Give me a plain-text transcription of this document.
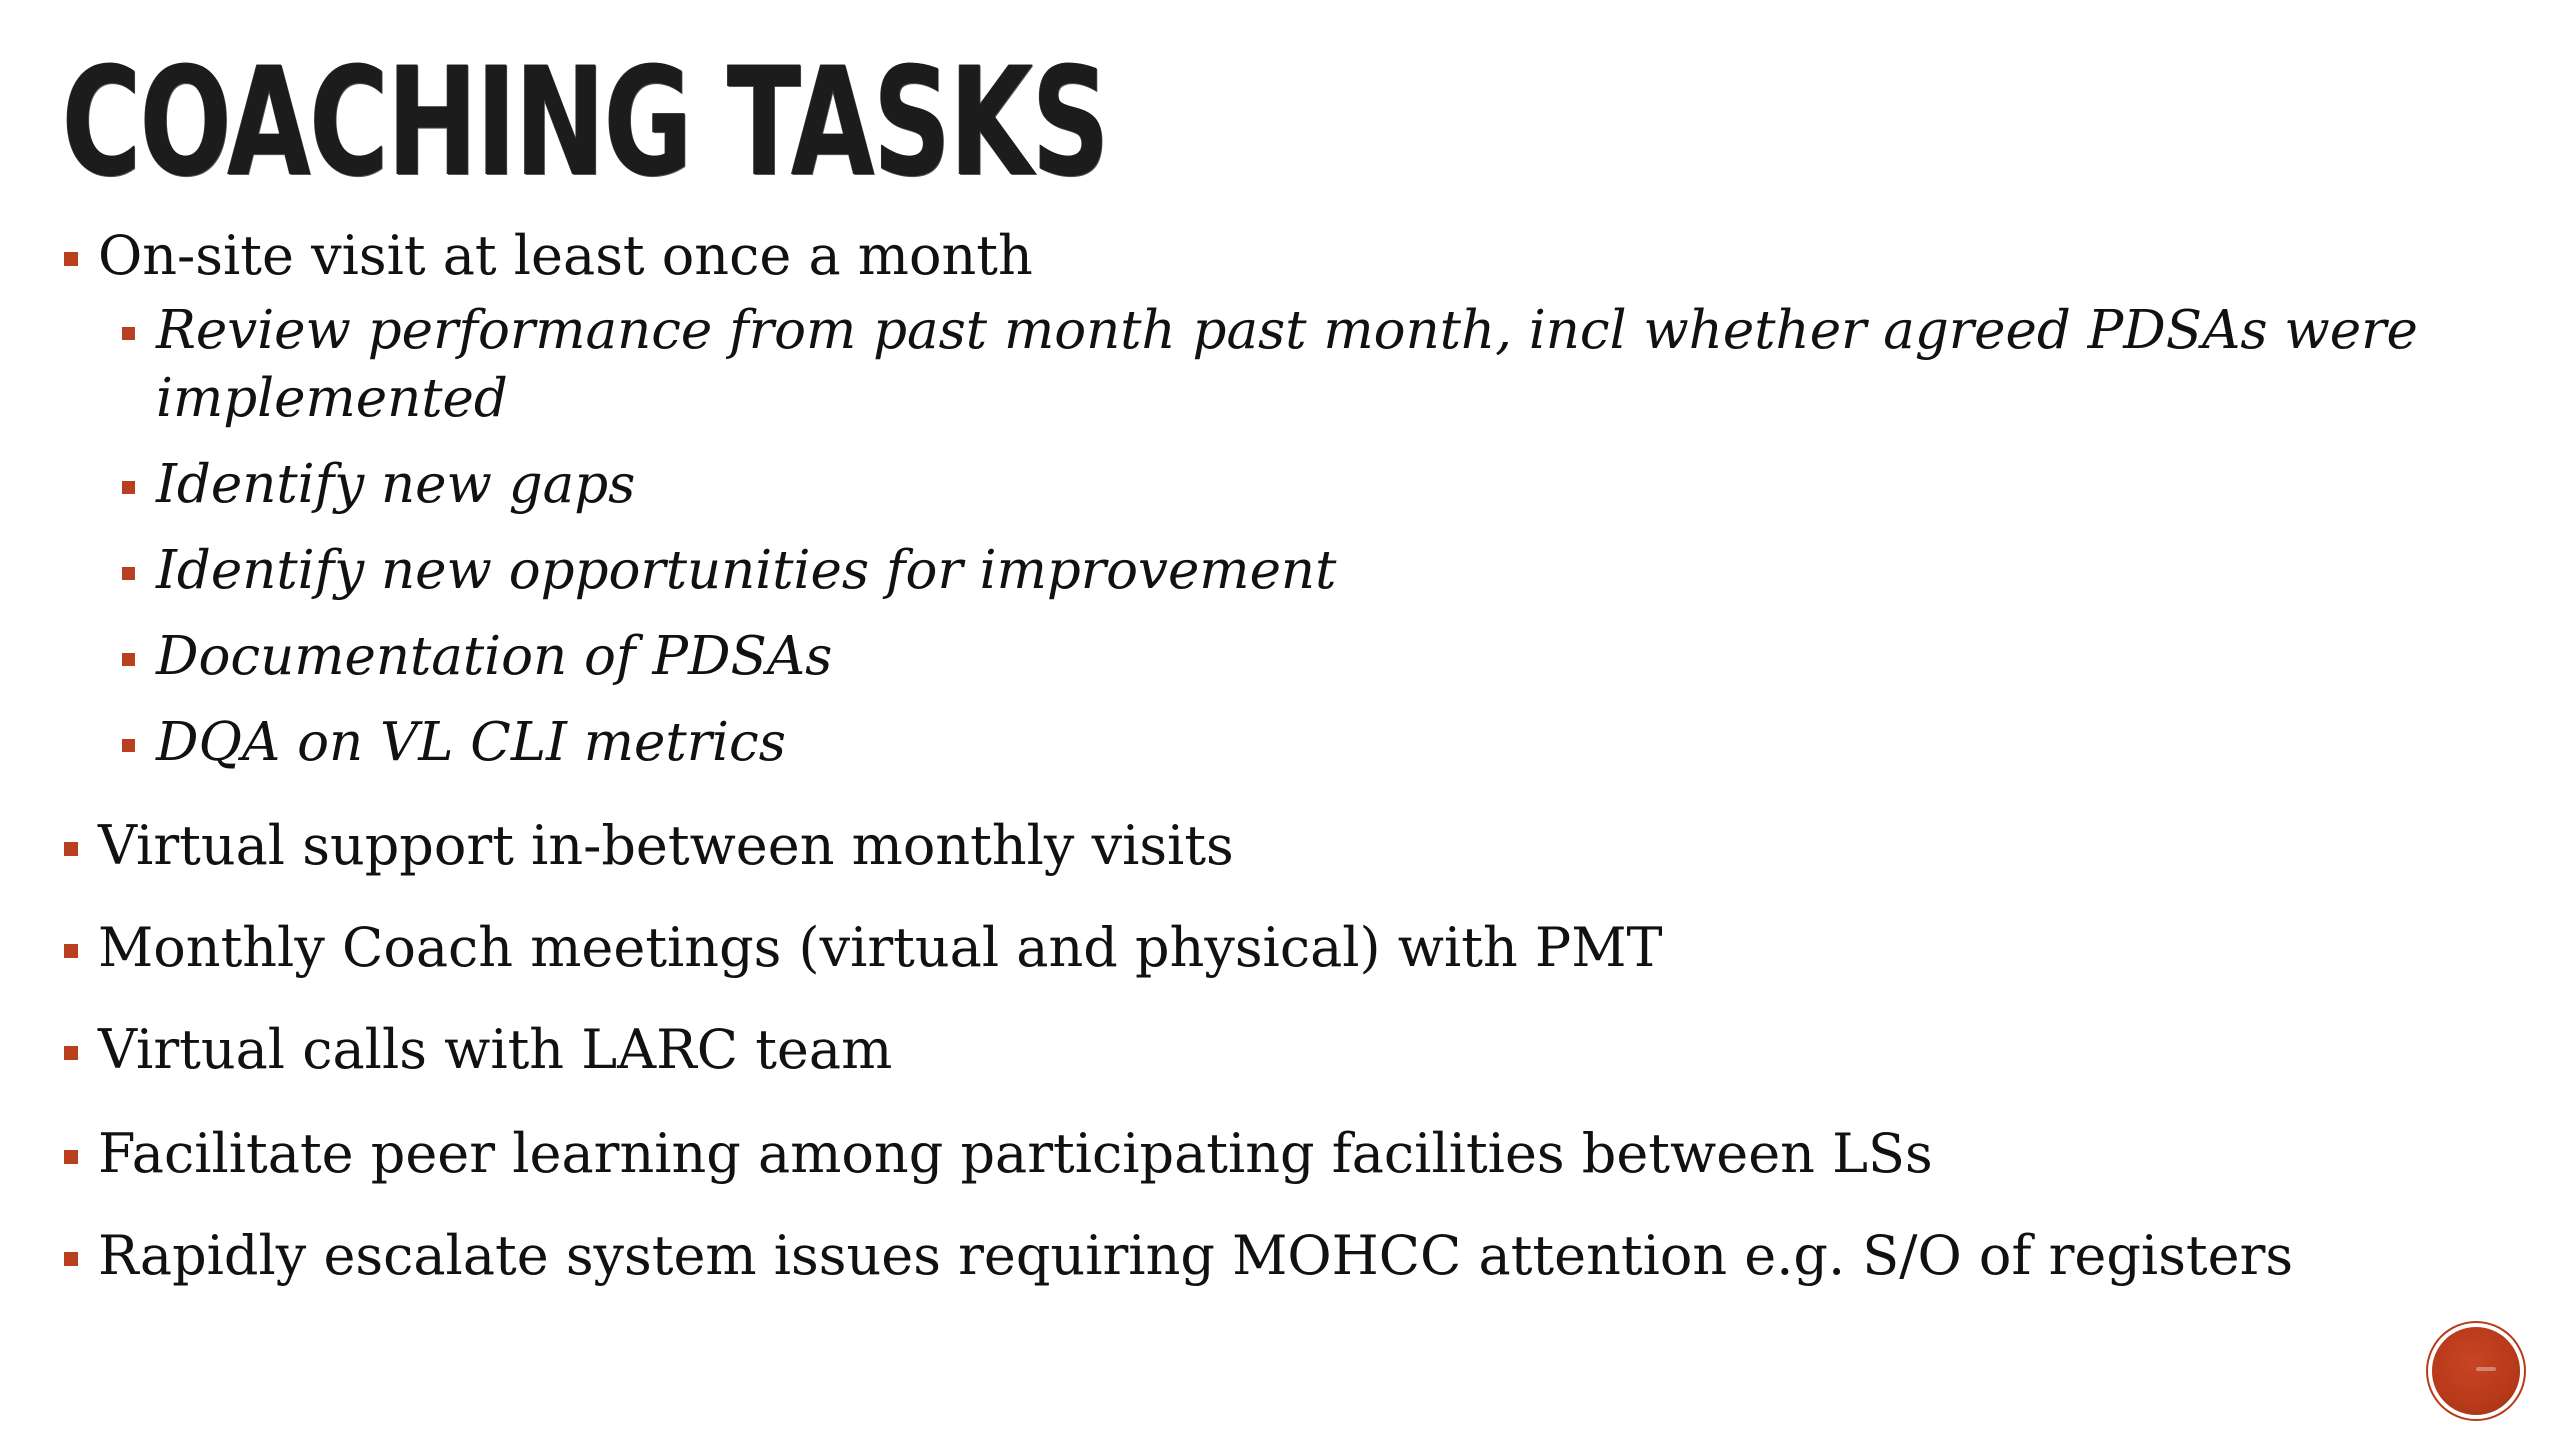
COACHING TASKS
On-site visit at least once a month
Review performance from past month past month, incl whether agreed PDSAs were implemented
Identify new gaps
Identify new opportunities for improvement
Documentation of PDSAs
DQA on VL CLI metrics
Virtual support in-between monthly visits
Monthly Coach meetings (virtual and physical) with PMT
Virtual calls with LARC team
Facilitate peer learning among participating facilities between LSs
Rapidly escalate system issues requiring MOHCC attention e.g. S/O of registers
